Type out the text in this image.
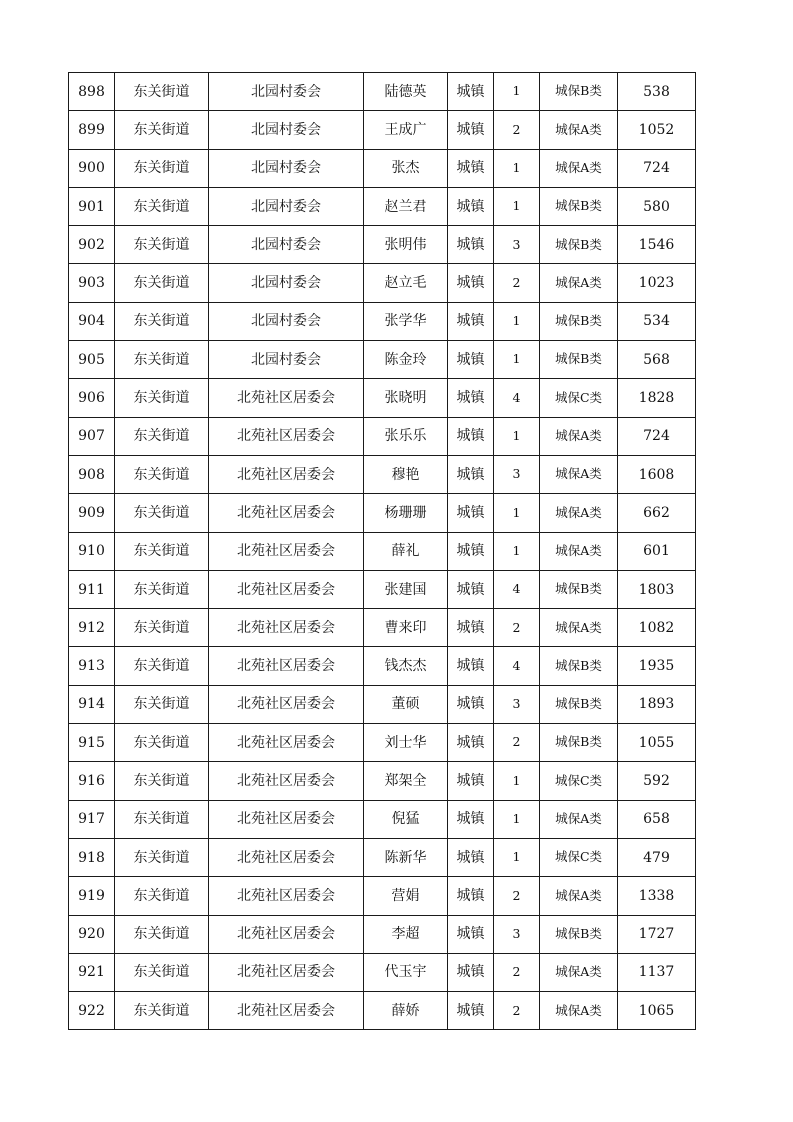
898	东关街道	北园村委会	陆德英	城镇	1	城保B类	538
899	东关街道	北园村委会	王成广	城镇	2	城保A类	1052
900	东关街道	北园村委会	张杰	城镇	1	城保A类	724
901	东关街道	北园村委会	赵兰君	城镇	1	城保B类	580
902	东关街道	北园村委会	张明伟	城镇	3	城保B类	1546
903	东关街道	北园村委会	赵立毛	城镇	2	城保A类	1023
904	东关街道	北园村委会	张学华	城镇	1	城保B类	534
905	东关街道	北园村委会	陈金玲	城镇	1	城保B类	568
906	东关街道	北苑社区居委会	张晓明	城镇	4	城保C类	1828
907	东关街道	北苑社区居委会	张乐乐	城镇	1	城保A类	724
908	东关街道	北苑社区居委会	穆艳	城镇	3	城保A类	1608
909	东关街道	北苑社区居委会	杨珊珊	城镇	1	城保A类	662
910	东关街道	北苑社区居委会	薛礼	城镇	1	城保A类	601
911	东关街道	北苑社区居委会	张建国	城镇	4	城保B类	1803
912	东关街道	北苑社区居委会	曹来印	城镇	2	城保A类	1082
913	东关街道	北苑社区居委会	钱杰杰	城镇	4	城保B类	1935
914	东关街道	北苑社区居委会	董硕	城镇	3	城保B类	1893
915	东关街道	北苑社区居委会	刘士华	城镇	2	城保B类	1055
916	东关街道	北苑社区居委会	郑架全	城镇	1	城保C类	592
917	东关街道	北苑社区居委会	倪猛	城镇	1	城保A类	658
918	东关街道	北苑社区居委会	陈新华	城镇	1	城保C类	479
919	东关街道	北苑社区居委会	营娟	城镇	2	城保A类	1338
920	东关街道	北苑社区居委会	李超	城镇	3	城保B类	1727
921	东关街道	北苑社区居委会	代玉宇	城镇	2	城保A类	1137
922	东关街道	北苑社区居委会	薛娇	城镇	2	城保A类	1065
